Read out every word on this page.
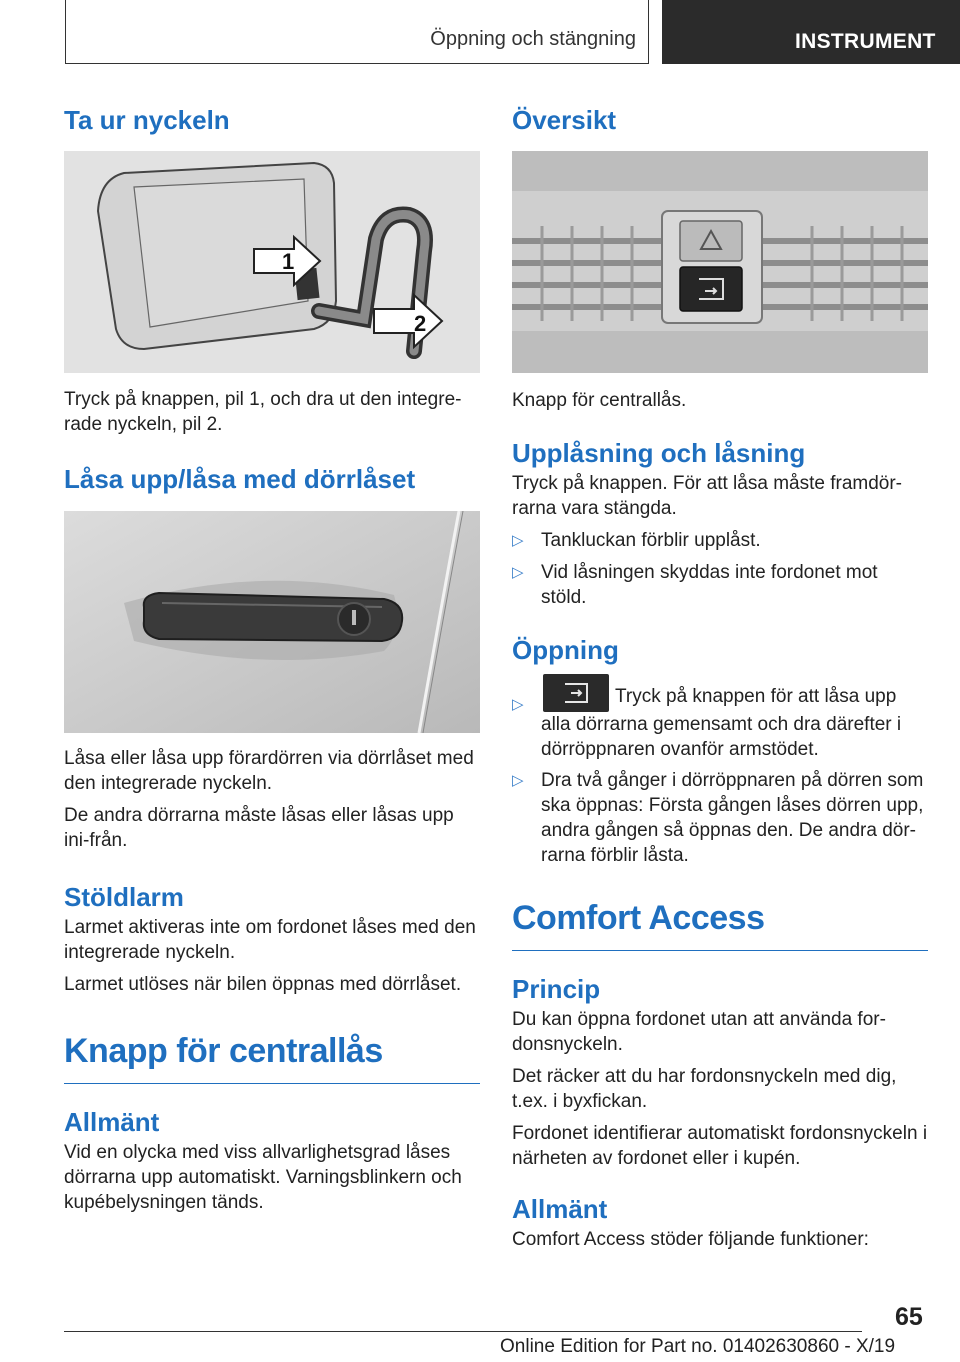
Öppning och stängning	INSTRUMENT
Ta ur nyckeln
1
2
Tryck på knappen, pil 1, och dra ut den integre-rade nyckeln, pil 2.
Låsa upp/låsa med dörrlåset
Låsa eller låsa upp förardörren via dörrlåset med den integrerade nyckeln.
De andra dörrarna måste låsas eller låsas upp ini-från.
Stöldlarm
Larmet aktiveras inte om fordonet låses med den integrerade nyckeln.
Larmet utlöses när bilen öppnas med dörrlåset.
Knapp för centrallås
Allmänt
Vid en olycka med viss allvarlighetsgrad låses dörrarna upp automatiskt. Varningsblinkern och kupébelysningen tänds.
Översikt
Knapp för centrallås.
Upplåsning och låsning
Tryck på knappen. För att låsa måste framdör-rarna vara stängda.
▷ Tankluckan förblir upplåst.
▷ Vid låsningen skyddas inte fordonet mot stöld.
Öppning
▷	Tryck på knappen för att låsa upp alla dörrarna gemensamt och dra därefter i dörröppnaren ovanför armstödet.
▷ Dra två gånger i dörröppnaren på dörren som ska öppnas: Första gången låses dörren upp, andra gången så öppnas den. De andra dör-rarna förblir låsta.
Comfort Access
Princip
Du kan öppna fordonet utan att använda for-donsnyckeln.
Det räcker att du har fordonsnyckeln med dig, t.ex. i byxfickan.
Fordonet identifierar automatiskt fordonsnyckeln i närheten av fordonet eller i kupén.
Allmänt
Comfort Access stöder följande funktioner:
65
Online Edition for Part no. 01402630860 - X/19
